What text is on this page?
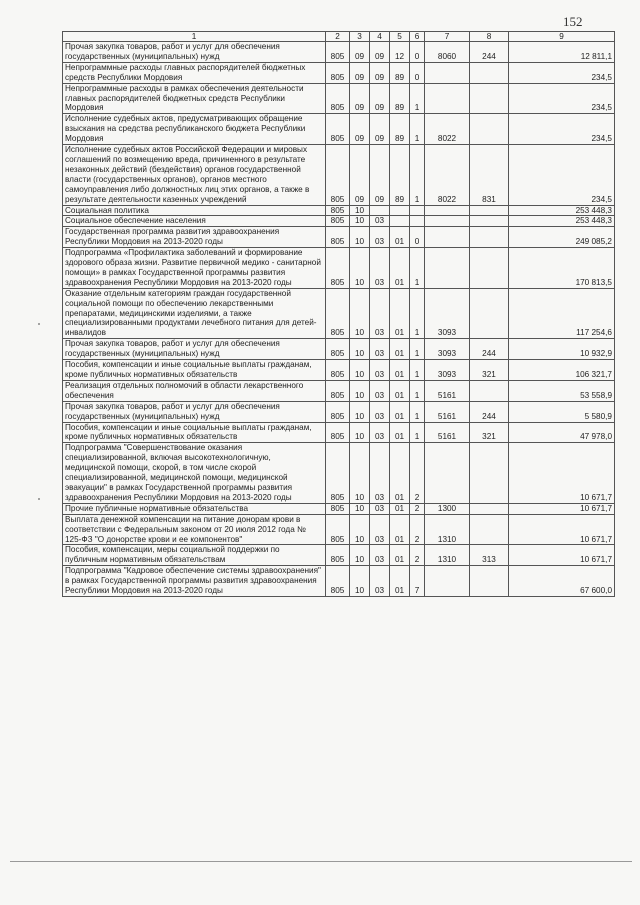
152
1	2	3	4	5	6	7	8	9
Прочая закупка товаров, работ и услуг для обеспечения государственных (муниципальных) нужд	805	09	09	12	0	8060	244	12 811,1
Непрограммные расходы главных распорядителей бюджетных средств Республики Мордовия	805	09	09	89	0			234,5
Непрограммные расходы в рамках обеспечения деятельности главных распорядителей бюджетных средств Республики Мордовия	805	09	09	89	1			234,5
Исполнение судебных актов, предусматривающих обращение взыскания на средства республиканского бюджета Республики Мордовия	805	09	09	89	1	8022		234,5
Исполнение судебных актов Российской Федерации и мировых соглашений по возмещению вреда, причиненного в результате незаконных действий (бездействия) органов государственной власти (государственных органов), органов местного самоуправления либо должностных лиц этих органов, а также в результате деятельности казенных учреждений	805	09	09	89	1	8022	831	234,5
Социальная политика	805	10						253 448,3
Социальное обеспечение населения	805	10	03					253 448,3
Государственная программа развития здравоохранения Республики Мордовия на 2013-2020 годы	805	10	03	01	0			249 085,2
Подпрограмма «Профилактика заболеваний и формирование здорового образа жизни. Развитие первичной медико - санитарной помощи» в рамках Государственной программы развития здравоохранения Республики Мордовия на 2013-2020 годы	805	10	03	01	1			170 813,5
Оказание отдельным категориям граждан государственной социальной помощи по обеспечению лекарственными препаратами, медицинскими изделиями, а также специализированными продуктами лечебного питания для детей-инвалидов	805	10	03	01	1	3093		117 254,6
Прочая закупка товаров, работ и услуг для обеспечения государственных (муниципальных) нужд	805	10	03	01	1	3093	244	10 932,9
Пособия, компенсации и иные социальные выплаты гражданам, кроме публичных нормативных обязательств	805	10	03	01	1	3093	321	106 321,7
Реализация отдельных полномочий в области лекарственного обеспечения	805	10	03	01	1	5161		53 558,9
Прочая закупка товаров, работ и услуг для обеспечения государственных (муниципальных) нужд	805	10	03	01	1	5161	244	5 580,9
Пособия, компенсации и иные социальные выплаты гражданам, кроме публичных нормативных обязательств	805	10	03	01	1	5161	321	47 978,0
Подпрограмма "Совершенствование оказания специализированной, включая высокотехнологичную, медицинской помощи, скорой, в том числе скорой специализированной, медицинской помощи, медицинской эвакуации" в рамках Государственной программы развития здравоохранения Республики Мордовия на 2013-2020 годы	805	10	03	01	2			10 671,7
Прочие публичные нормативные обязательства	805	10	03	01	2	1300		10 671,7
Выплата денежной компенсации на питание донорам крови в соответствии с Федеральным законом от 20 июля 2012 года № 125-ФЗ "О донорстве крови и ее компонентов"	805	10	03	01	2	1310		10 671,7
Пособия, компенсации, меры социальной поддержки по публичным нормативным обязательствам	805	10	03	01	2	1310	313	10 671,7
Подпрограмма "Кадровое обеспечение системы здравоохранения" в рамках Государственной программы развития здравоохранения Республики Мордовия на 2013-2020 годы	805	10	03	01	7			67 600,0
